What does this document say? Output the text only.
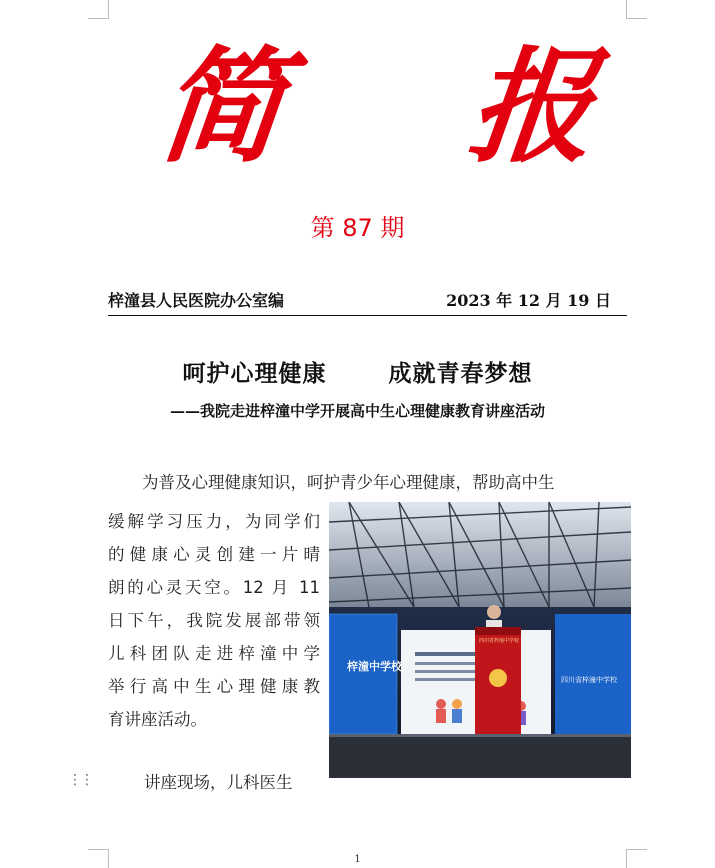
简 报
第 87 期
梓潼县人民医院办公室编	2023 年 12 月 19 日
呵护心理健康	成就青春梦想
——我院走进梓潼中学开展高中生心理健康教育讲座活动
为普及心理健康知识，呵护青少年心理健康，帮助高中生
缓解学习压力，为同学们
的健康心灵创建一片晴
朗的心灵天空。12 月 11
日下午，我院发展部带领
儿科团队走进梓潼中学
举行高中生心理健康教
育讲座活动。
讲座现场，儿科医生
梓潼中学校
四川省梓潼中学校
四川省梓潼中学校
⋮⋮
1
